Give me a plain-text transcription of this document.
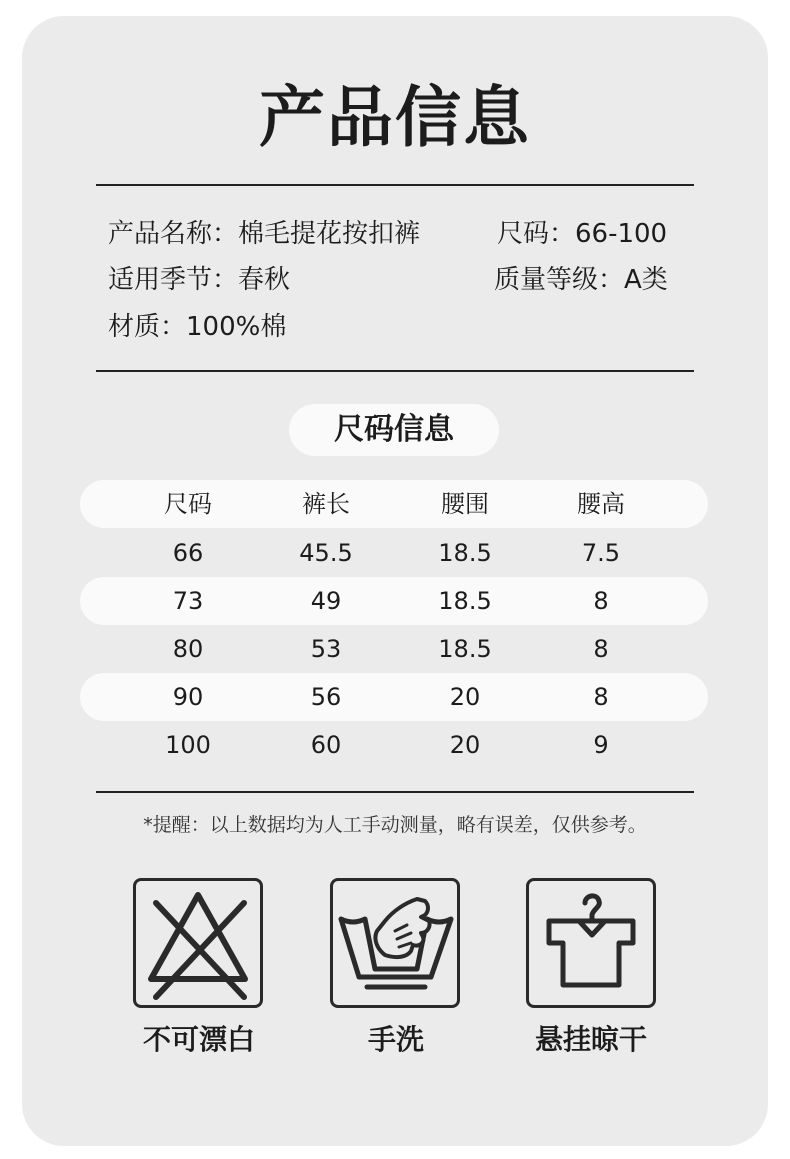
产品信息
产品名称：棉毛提花按扣裤	尺码：66-100
适用季节：春秋	质量等级：A类
材质：100%棉
尺码信息
尺码	裤长	腰围	腰高
66	45.5	18.5	7.5
73	49	18.5	8
80	53	18.5	8
90	56	20	8
100	60	20	9
*提醒：以上数据均为人工手动测量，略有误差，仅供参考。
不可漂白	手洗	悬挂晾干
